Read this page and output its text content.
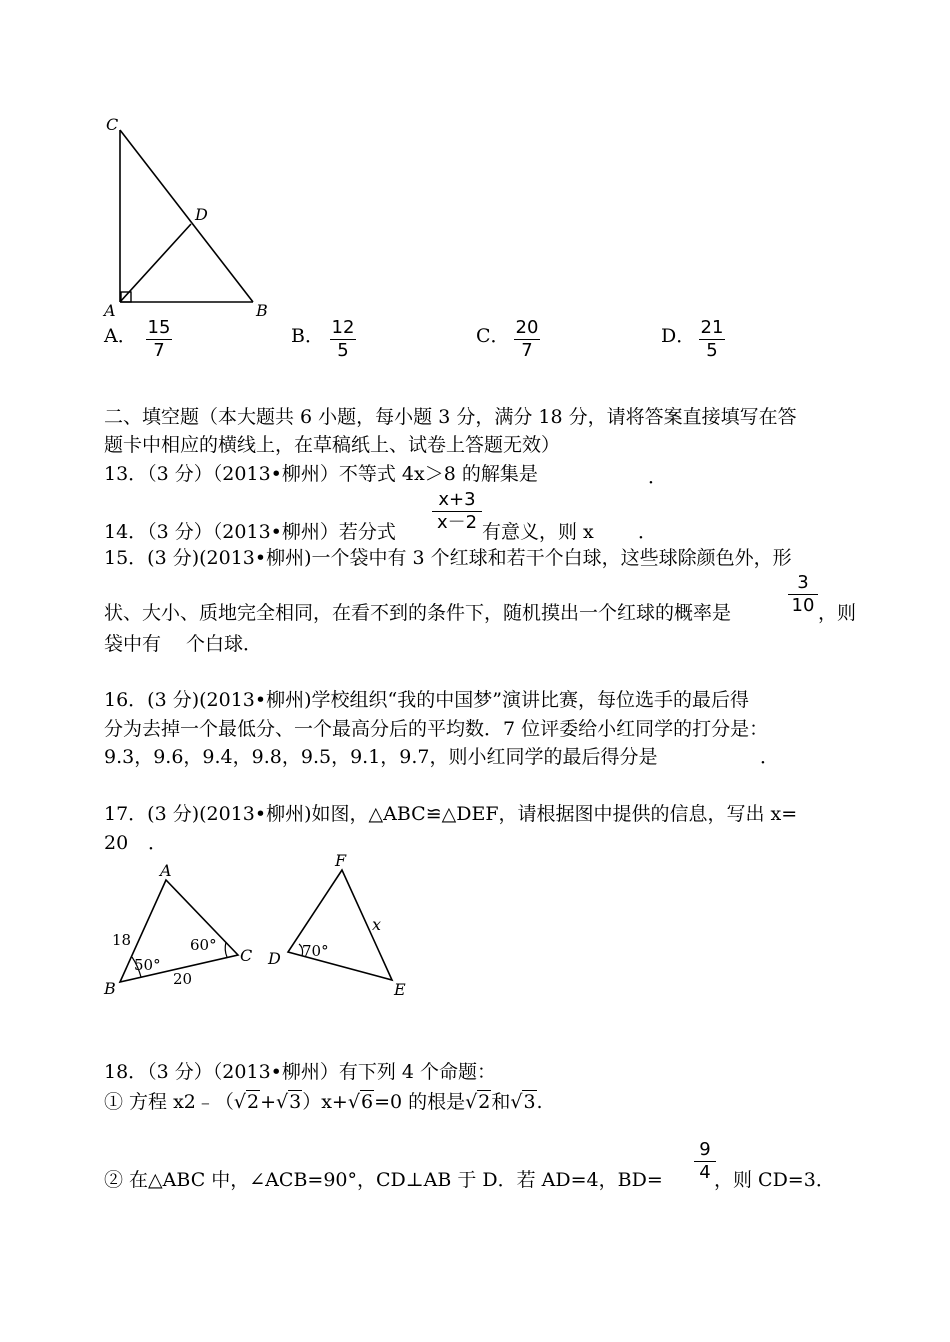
C
D
A	B
A． 15
7
B． 12
5
C． 20
7
D． 21
5
二、填空题（本大题共 6 小题，每小题 3 分，满分 18 分，请将答案直接填写在答
题卡中相应的横线上，在草稿纸上、试卷上答题无效）
13．（3 分）（2013•柳州）不等式 4x＞8 的解集是	．
14．（3 分）（2013•柳州）若分式
x+3
x－2 有意义，则 x ．
15．(3 分)(2013•柳州)一个袋中有 3 个红球和若干个白球，这些球除颜色外，形
状、大小、质地完全相同，在看不到的条件下，随机摸出一个红球的概率是
3
10 ，则
袋中有 个白球．
16．(3 分)(2013•柳州)学校组织“我的中国梦”演讲比赛，每位选手的最后得
分为去掉一个最低分、一个最高分后的平均数．7 位评委给小红同学的打分是：
9.3，9.6，9.4，9.8，9.5，9.1，9.7，则小红同学的最后得分是	．
17．(3 分)(2013•柳州)如图，△ABC≌△DEF，请根据图中提供的信息，写出 x=
20 ．
A
B
C
18
20
50°
60°
F
D
E
x
70°
18．（3 分）（2013•柳州）有下列 4 个命题：
① 方程 x2﹣（√2+√3）x+√6=0 的根是√2和√3.
② 在△ABC 中，∠ACB=90°，CD⊥AB 于 D．若 AD=4，BD=
9
4 ，则 CD=3．
